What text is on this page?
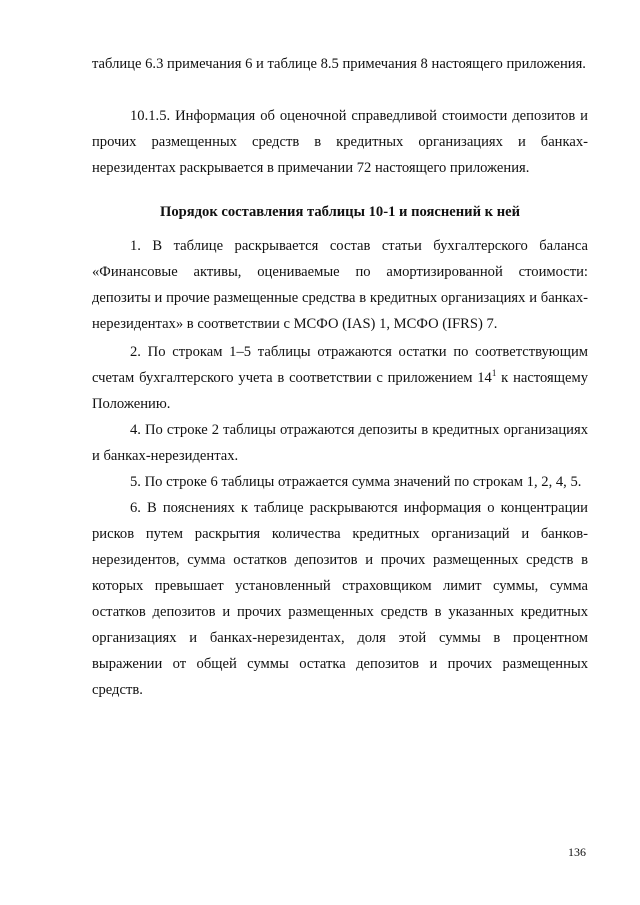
таблице 6.3 примечания 6 и таблице 8.5 примечания 8 настоящего приложения.

10.1.5. Информация об оценочной справедливой стоимости депозитов и прочих размещенных средств в кредитных организациях и банках-нерезидентах раскрывается в примечании 72 настоящего приложения.

Порядок составления таблицы 10-1 и пояснений к ней

1. В таблице раскрывается состав статьи бухгалтерского баланса «Финансовые активы, оцениваемые по амортизированной стоимости: депозиты и прочие размещенные средства в кредитных организациях и банках-нерезидентах» в соответствии с МСФО (IAS) 1, МСФО (IFRS) 7.

2. По строкам 1–5 таблицы отражаются остатки по соответствующим счетам бухгалтерского учета в соответствии с приложением $14^1$ к настоящему Положению.

4. По строке 2 таблицы отражаются депозиты в кредитных организациях и банках-нерезидентах.

5. По строке 6 таблицы отражается сумма значений по строкам 1, 2, 4, 5.

6. В пояснениях к таблице раскрываются информация о концентрации рисков путем раскрытия количества кредитных организаций и банков-нерезидентов, сумма остатков депозитов и прочих размещенных средств в которых превышает установленный страховщиком лимит суммы, сумма остатков депозитов и прочих размещенных средств в указанных кредитных организациях и банках-нерезидентах, доля этой суммы в процентном выражении от общей суммы остатка депозитов и прочих размещенных средств.

136
